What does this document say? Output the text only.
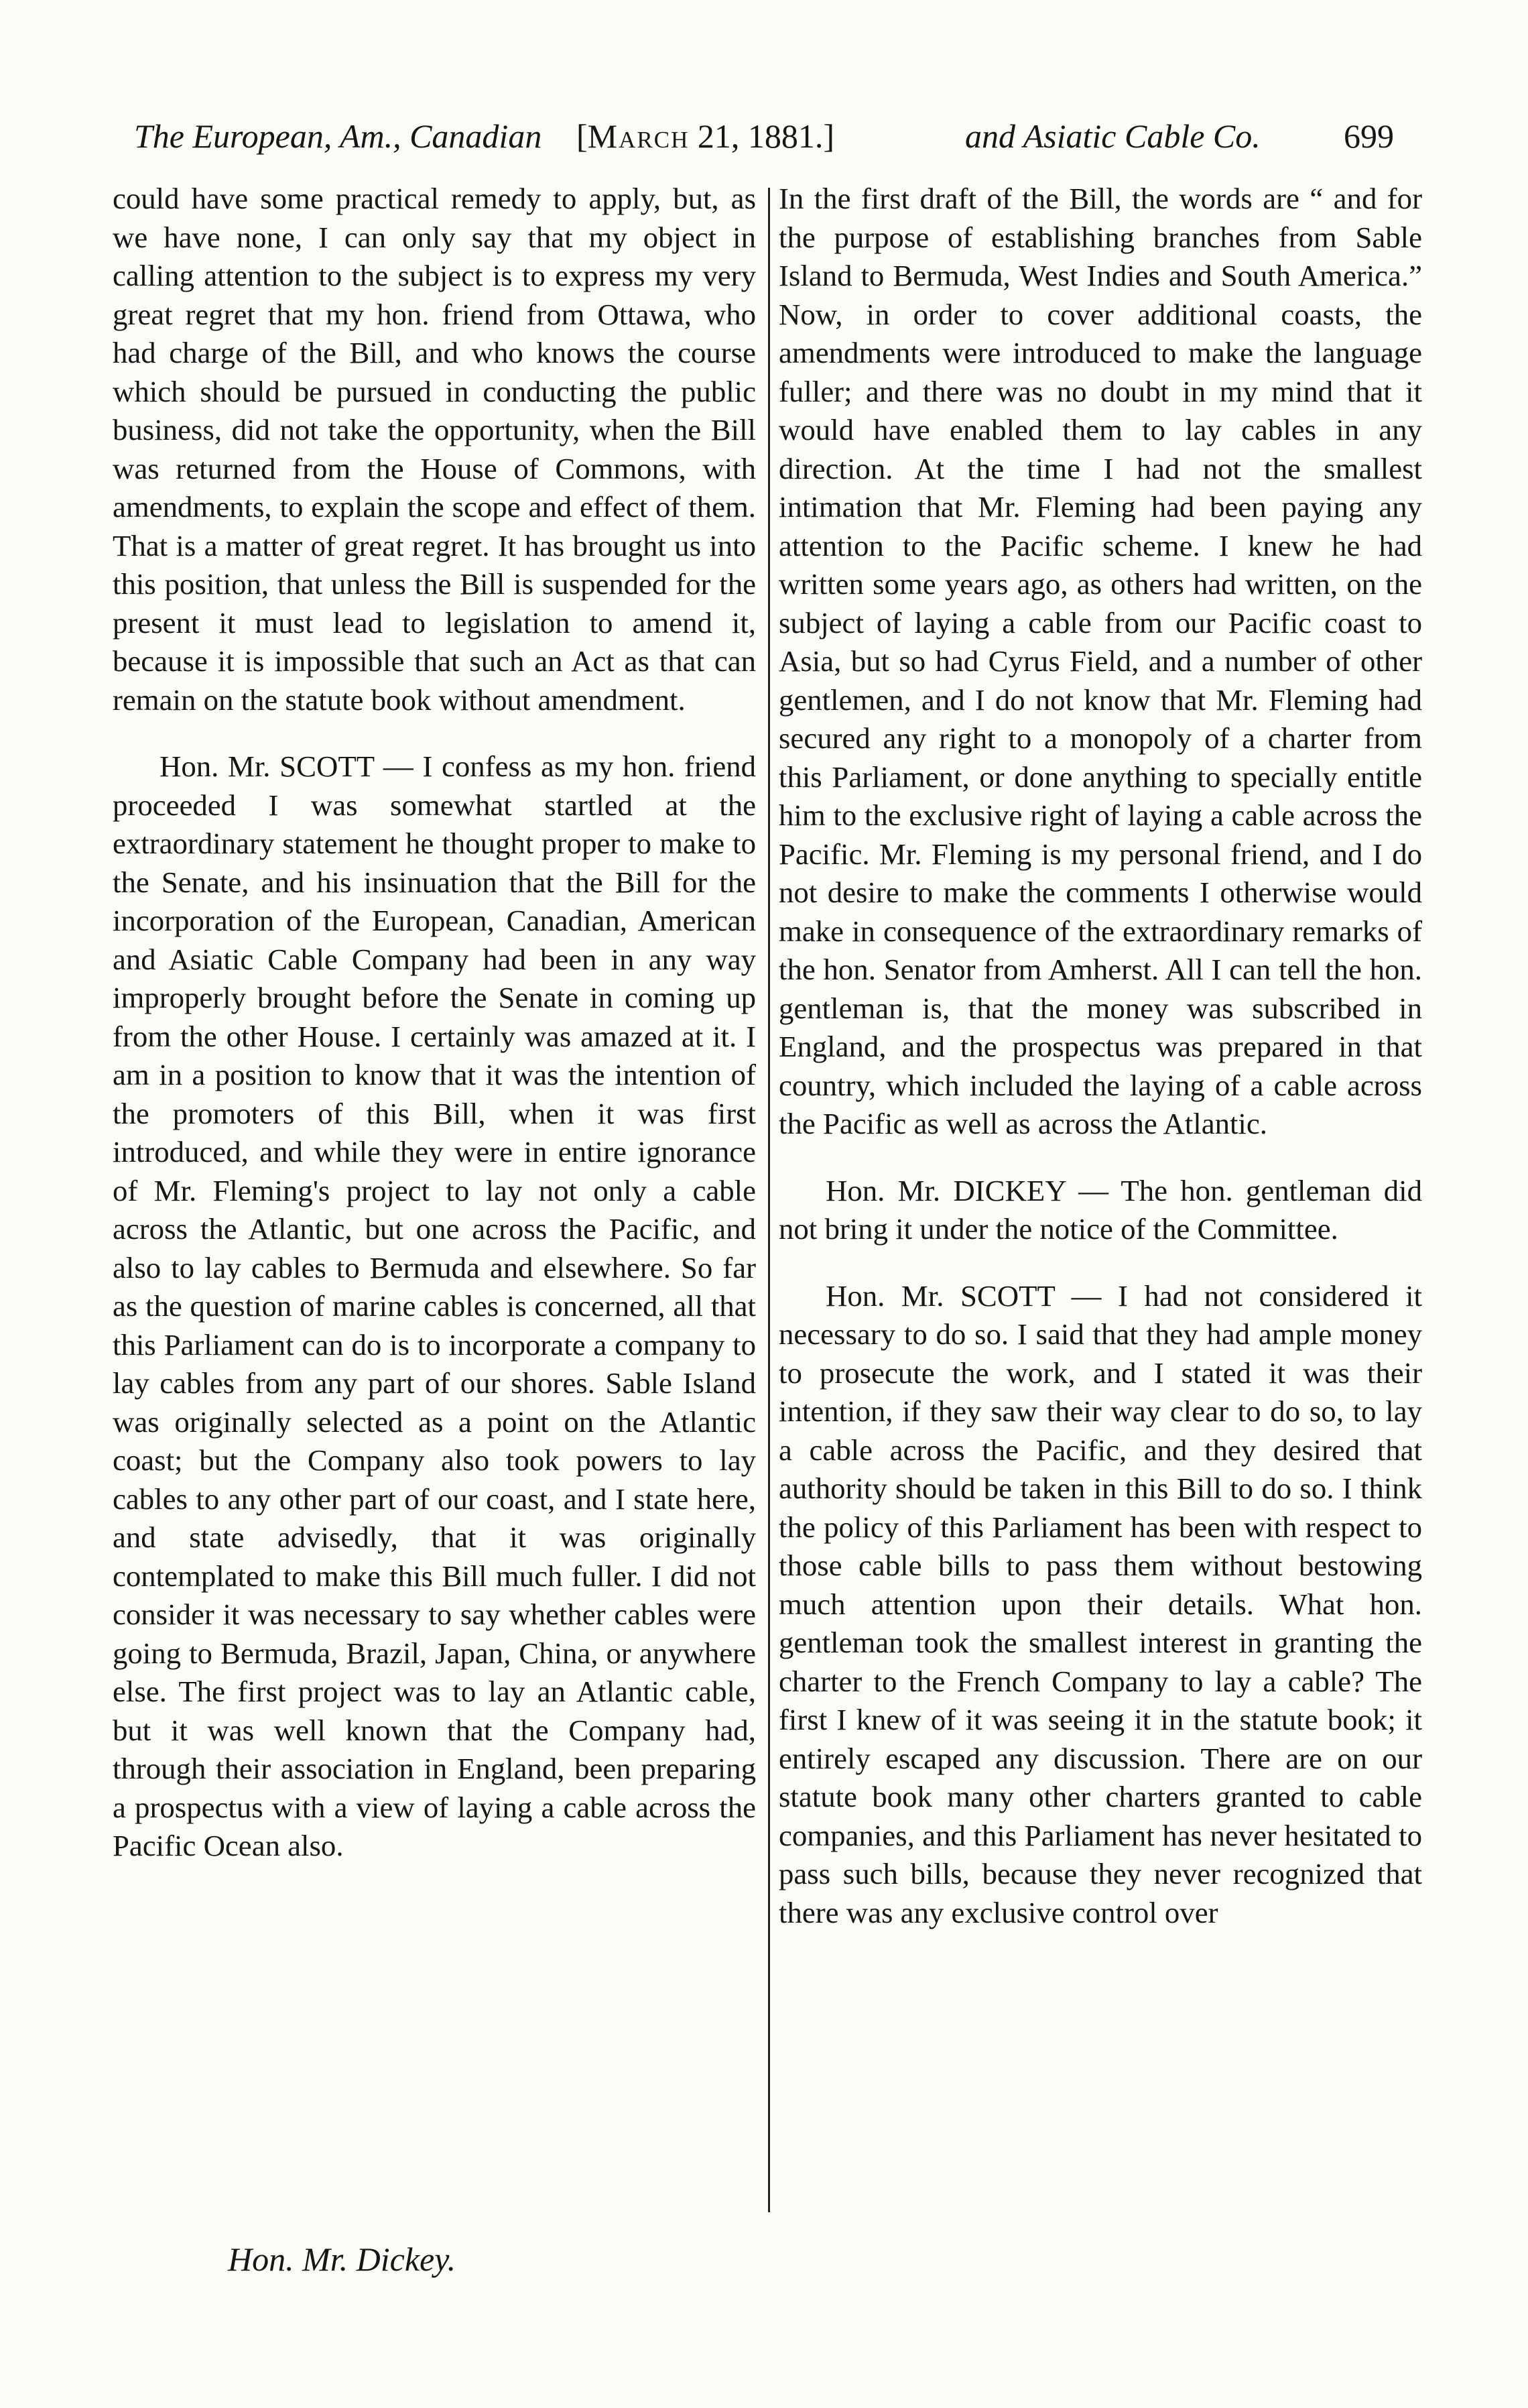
The European, Am., Canadian [March 21, 1881.]	and Asiatic Cable Co. 699

could have some practical remedy to apply, but, as we have none, I can only say that my object in calling attention to the subject is to express my very great regret that my hon. friend from Ottawa, who had charge of the Bill, and who knows the course which should be pursued in conducting the public business, did not take the opportunity, when the Bill was returned from the House of Commons, with amendments, to explain the scope and effect of them. That is a matter of great regret. It has brought us into this position, that unless the Bill is suspended for the present it must lead to legislation to amend it, because it is impossible that such an Act as that can remain on the statute book without amendment.

Hon. Mr. SCOTT — I confess as my hon. friend proceeded I was somewhat startled at the extraordinary statement he thought proper to make to the Senate, and his insinuation that the Bill for the incorporation of the European, Canadian, American and Asiatic Cable Company had been in any way improperly brought before the Senate in coming up from the other House. I certainly was amazed at it. I am in a position to know that it was the intention of the promoters of this Bill, when it was first introduced, and while they were in entire ignorance of Mr. Fleming's project to lay not only a cable across the Atlantic, but one across the Pacific, and also to lay cables to Bermuda and elsewhere. So far as the question of marine cables is concerned, all that this Parliament can do is to incorporate a company to lay cables from any part of our shores. Sable Island was originally selected as a point on the Atlantic coast; but the Company also took powers to lay cables to any other part of our coast, and I state here, and state advisedly, that it was originally contemplated to make this Bill much fuller. I did not consider it was necessary to say whether cables were going to Bermuda, Brazil, Japan, China, or anywhere else. The first project was to lay an Atlantic cable, but it was well known that the Company had, through their association in England, been preparing a prospectus with a view of laying a cable across the Pacific Ocean also.

In the first draft of the Bill, the words are “ and for the purpose of establishing branches from Sable Island to Bermuda, West Indies and South America.” Now, in order to cover additional coasts, the amendments were introduced to make the language fuller; and there was no doubt in my mind that it would have enabled them to lay cables in any direction. At the time I had not the smallest intimation that Mr. Fleming had been paying any attention to the Pacific scheme. I knew he had written some years ago, as others had written, on the subject of laying a cable from our Pacific coast to Asia, but so had Cyrus Field, and a number of other gentlemen, and I do not know that Mr. Fleming had secured any right to a monopoly of a charter from this Parliament, or done anything to specially entitle him to the exclusive right of laying a cable across the Pacific. Mr. Fleming is my personal friend, and I do not desire to make the comments I otherwise would make in consequence of the extraordinary remarks of the hon. Senator from Amherst. All I can tell the hon. gentleman is, that the money was subscribed in England, and the prospectus was prepared in that country, which included the laying of a cable across the Pacific as well as across the Atlantic.

Hon. Mr. DICKEY — The hon. gentleman did not bring it under the notice of the Committee.

Hon. Mr. SCOTT — I had not considered it necessary to do so. I said that they had ample money to prosecute the work, and I stated it was their intention, if they saw their way clear to do so, to lay a cable across the Pacific, and they desired that authority should be taken in this Bill to do so. I think the policy of this Parliament has been with respect to those cable bills to pass them without bestowing much attention upon their details. What hon. gentleman took the smallest interest in granting the charter to the French Company to lay a cable? The first I knew of it was seeing it in the statute book; it entirely escaped any discussion. There are on our statute book many other charters granted to cable companies, and this Parliament has never hesitated to pass such bills, because they never recognized that there was any exclusive control over

Hon. Mr. Dickey.
